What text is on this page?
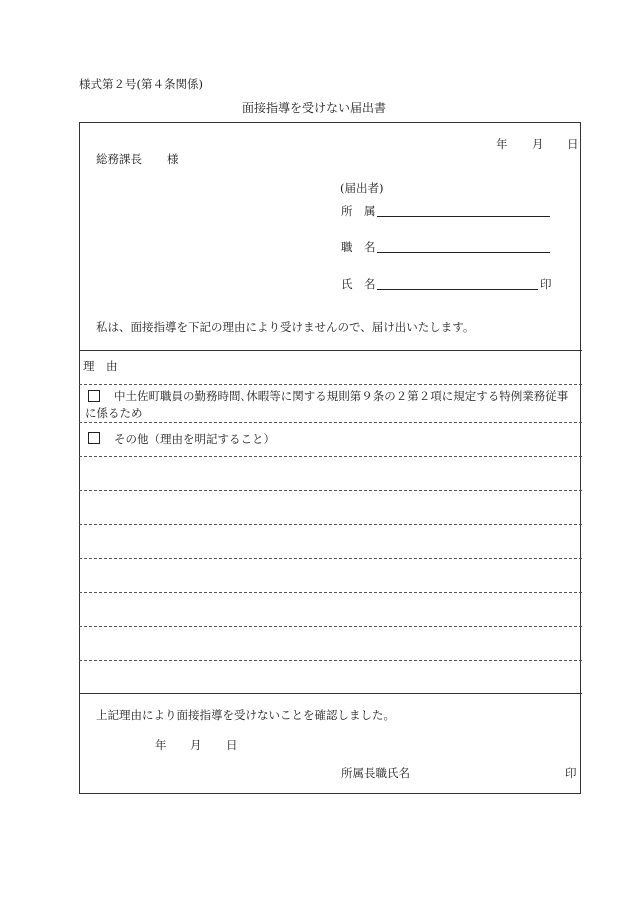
様式第２号(第４条関係)
面接指導を受けない届出書
年 月 日
総務課長 様
(届出者)
所　属
職　名
氏　名	印
私は、面接指導を下記の理由により受けませんので、届け出いたします。
理　由
中土佐町職員の勤務時間､休暇等に関する規則第９条の２第２項に規定する特例業務従事
に係るため
その他（理由を明記すること）
上記理由により面接指導を受けないことを確認しました。
年 月 日
所属長職氏名	印
